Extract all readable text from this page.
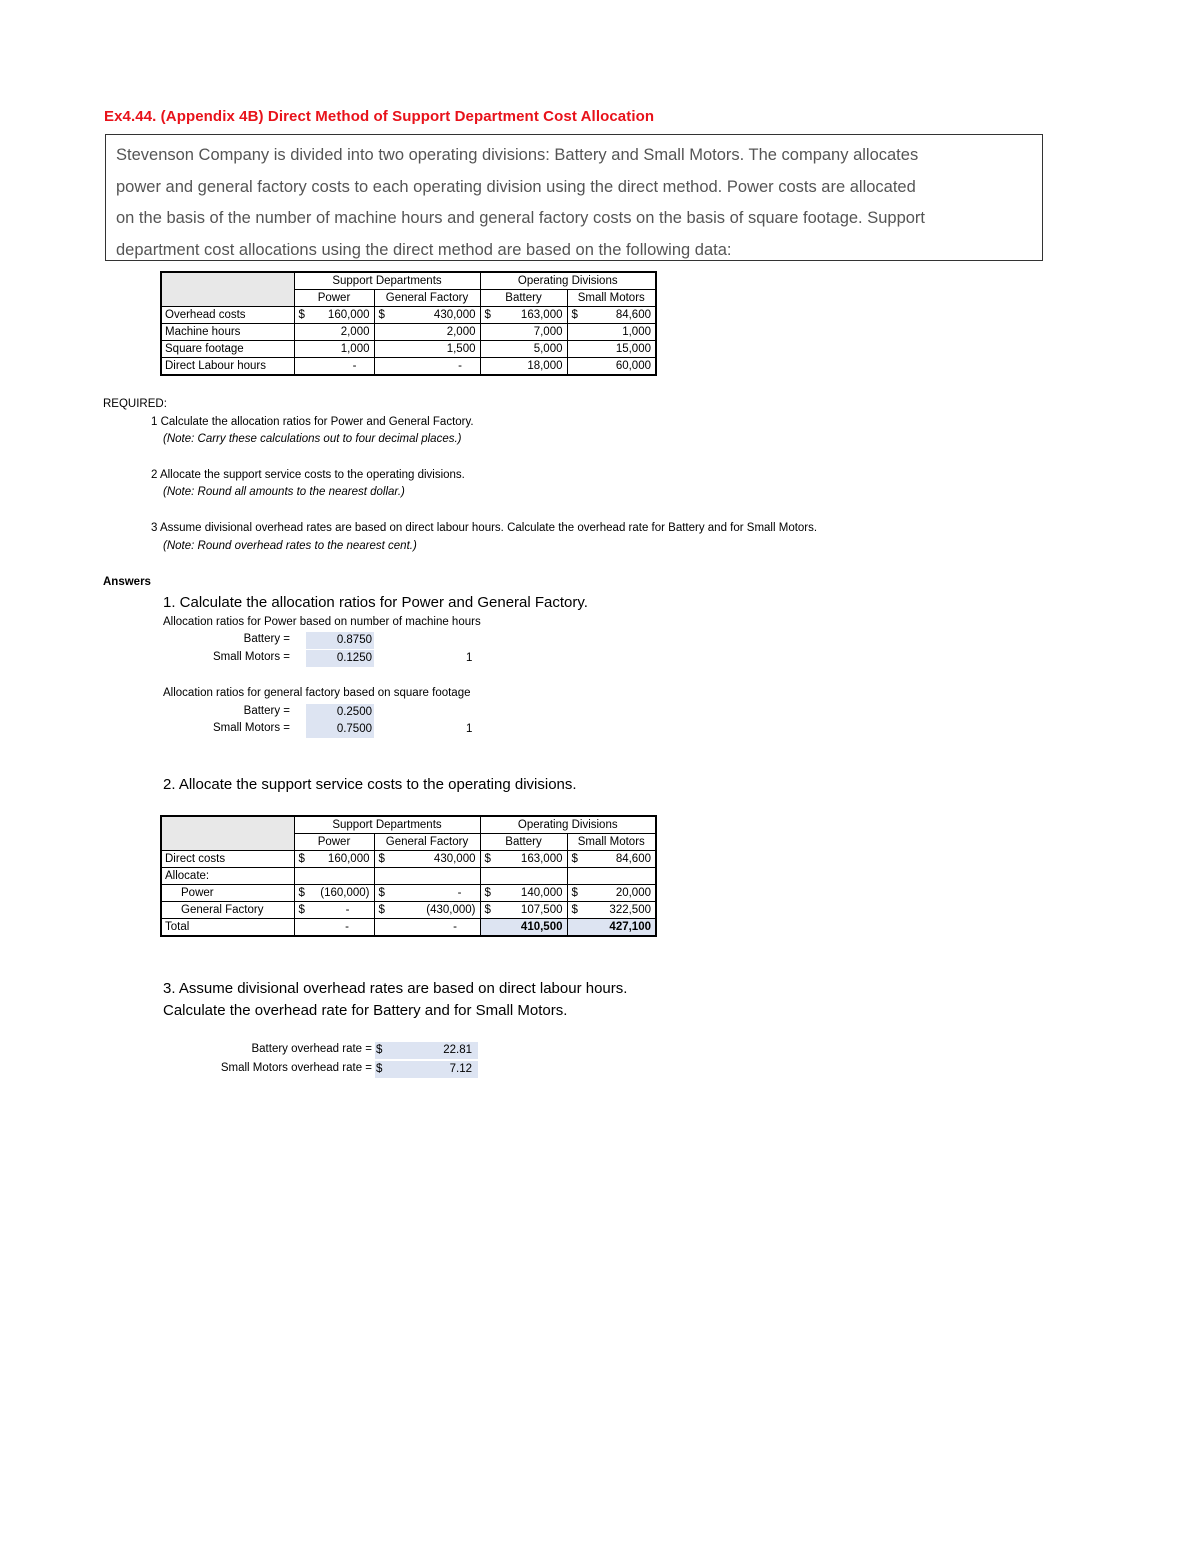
Ex4.44. (Appendix 4B) Direct Method of Support Department Cost Allocation

Stevenson Company is divided into two operating divisions: Battery and Small Motors. The company allocates

power and general factory costs to each operating division using the direct method. Power costs are allocated

on the basis of the number of machine hours and general factory costs on the basis of square footage. Support

department cost allocations using the direct method are based on the following data:

	Support Departments		Operating Divisions	
	Power	General Factory	Battery	Small Motors
Overhead costs	$ 160,000	$ 430,000	$ 163,000	$ 84,600
Machine hours	2,000	2,000	7,000	1,000
Square footage	1,000	1,500	5,000	15,000
Direct Labour hours	-	-	18,000	60,000
REQUIRED:
1 Calculate the allocation ratios for Power and General Factory.
(Note: Carry these calculations out to four decimal places.)
2 Allocate the support service costs to the operating divisions.
(Note: Round all amounts to the nearest dollar.)
3 Assume divisional overhead rates are based on direct labour hours. Calculate the overhead rate for Battery and for Small Motors.
(Note: Round overhead rates to the nearest cent.)
Answers
1. Calculate the allocation ratios for Power and General Factory.
Allocation ratios for Power based on number of machine hours
Battery =	0.8750
Small Motors =	0.1250	1
Allocation ratios for general factory based on square footage
Battery =	0.2500
Small Motors =	0.7500	1
2. Allocate the support service costs to the operating divisions.
	Support Departments		Operating Divisions	
	Power	General Factory	Battery	Small Motors
Direct costs	$ 160,000	$ 430,000	$ 163,000	$ 84,600
Allocate:				
Power	$ (160,000)	$ -	$ 140,000	$ 20,000
General Factory	$ -	$ (430,000)	$ 107,500	$ 322,500
Total	-	-	410,500	427,100
3. Assume divisional overhead rates are based on direct labour hours.
Calculate the overhead rate for Battery and for Small Motors.
Battery overhead rate = $	22.81
Small Motors overhead rate = $	7.12
